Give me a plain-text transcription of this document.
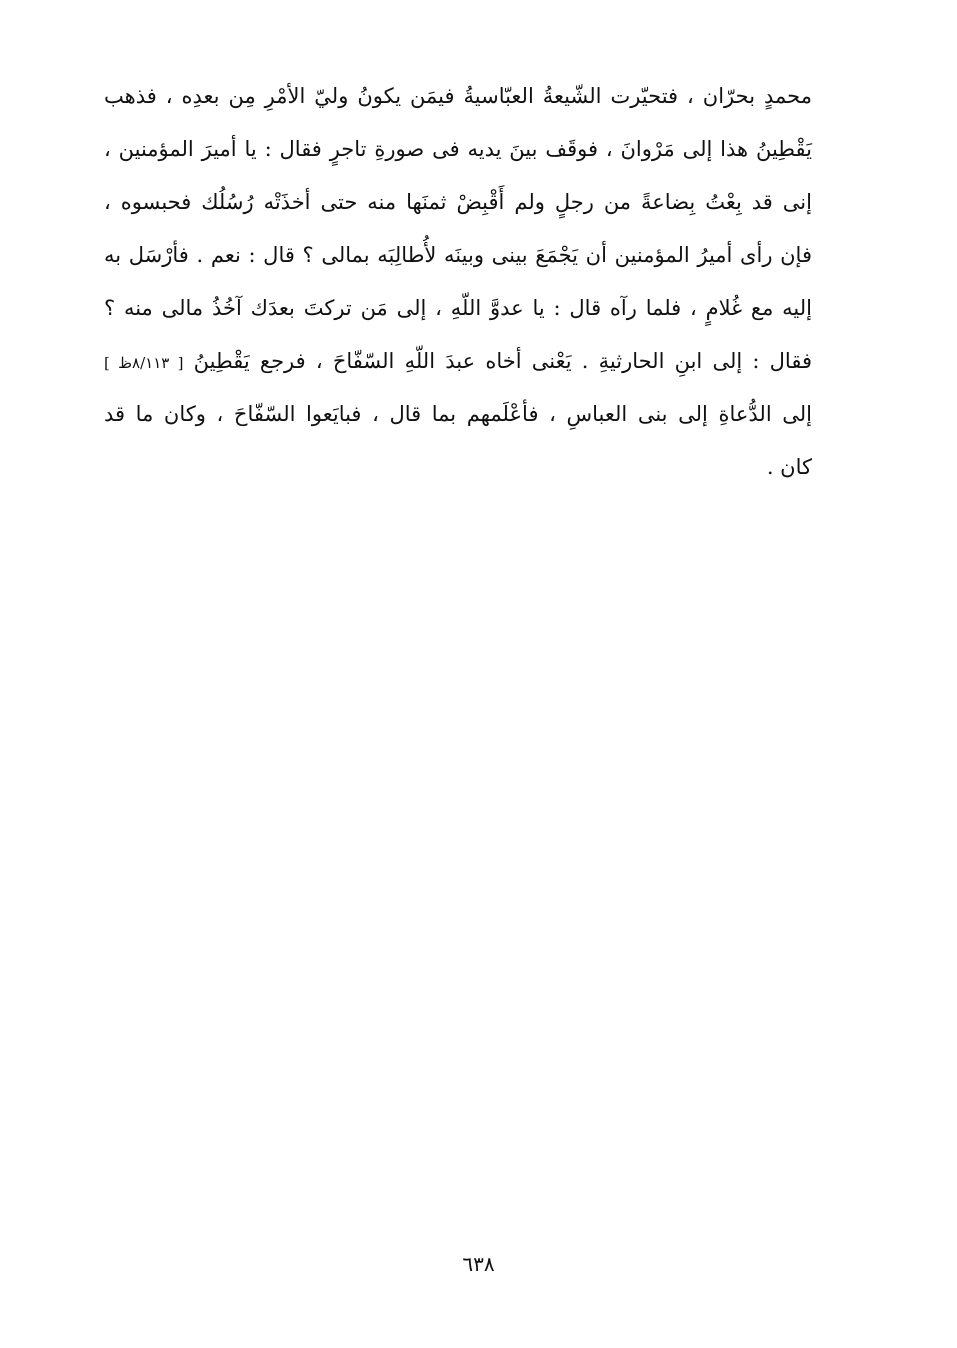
محمدٍ بحرّان ، فتحيّرت الشّيعةُ العبّاسيةُ فيمَن يكونُ وليّ الأمْرِ مِن بعدِه ، فذهب
يَقْطِينُ هذا إلى مَرْوانَ ، فوقَف بينَ يديه فى صورةِ تاجرٍ فقال : يا أميرَ المؤمنين ،
إنى قد بِعْتُ بِضاعةً من رجلٍ ولم أَقْبِضْ ثمنَها منه حتى أخذَتْه رُسُلُك فحبسوه ،
فإن رأى أميرُ المؤمنين أن يَجْمَعَ بينى وبينَه لأُطالِبَه بمالى ؟ قال : نعم . فأرْسَل به
إليه مع غُلامٍ ، فلما رآه قال : يا عدوَّ اللّهِ ، إلى مَن تركتَ بعدَك آخُذُ مالى منه ؟
فقال : إلى ابنِ الحارثيةِ . يَعْنى أخاه عبدَ اللّهِ السّفّاحَ ، فرجع يَقْطِينُ [ ٨/١١٣ظ ]
إلى الدُّعاةِ إلى بنى العباسِ ، فأعْلَمهم بما قال ، فبايَعوا السّفّاحَ ، وكان ما قد
كان .
٦٣٨
